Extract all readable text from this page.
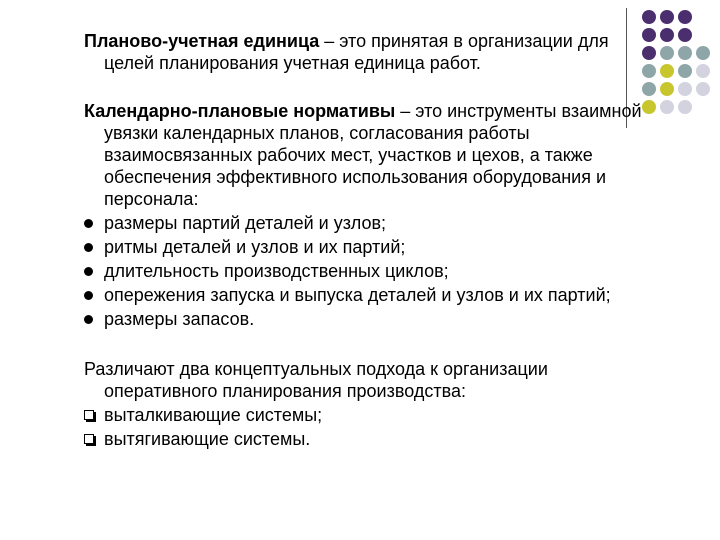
Планово-учетная единица – это принятая в организации для целей планирования учетная единица работ.

Календарно-плановые нормативы – это инструменты взаимной увязки календарных планов, согласования работы взаимосвязанных рабочих мест, участков и цехов, а также обеспечения эффективного использования оборудования и персонала:

размеры партий деталей и узлов;
ритмы деталей и узлов и их партий;
длительность производственных циклов;
опережения запуска и выпуска деталей и узлов и их партий;
размеры запасов.

Различают два концептуальных подхода к организации оперативного планирования производства:

выталкивающие системы;
вытягивающие системы.
